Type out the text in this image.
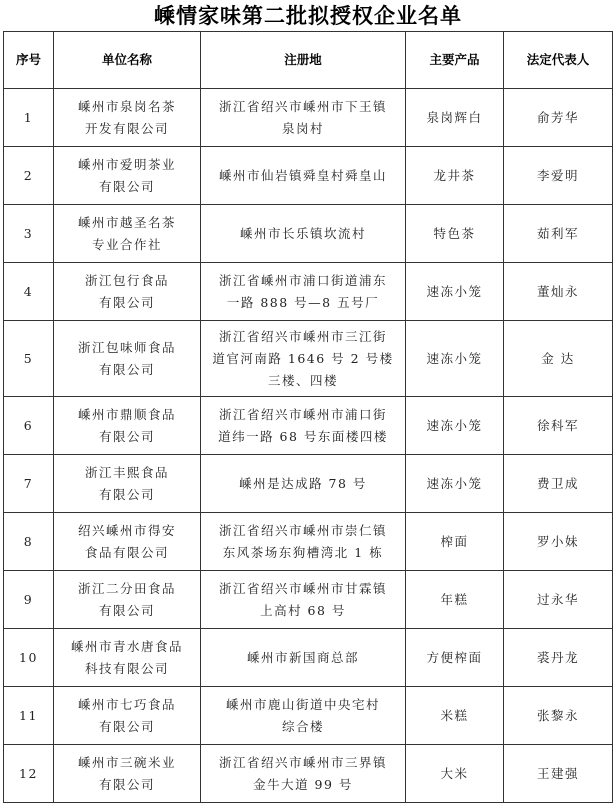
嵊情家味第二批拟授权企业名单
序号	单位名称	注册地	主要产品	法定代表人

1	嵊州市泉岗名茶
开发有限公司	浙江省绍兴市嵊州市下王镇
泉岗村	泉岗辉白	俞芳华

2	嵊州市爱明茶业
有限公司	嵊州市仙岩镇舜皇村舜皇山	龙井茶	李爱明

3	嵊州市越圣名茶
专业合作社	嵊州市长乐镇坎流村	特色茶	茹利军

4	浙江包行食品
有限公司	浙江省嵊州市浦口街道浦东
一路 888 号—8 五号厂	速冻小笼	董灿永

5	浙江包味师食品
有限公司	浙江省绍兴市嵊州市三江街
道官河南路 1646 号 2 号楼
三楼、四楼	速冻小笼	金 达

6	嵊州市鼎顺食品
有限公司	浙江省绍兴市嵊州市浦口街
道纬一路 68 号东面楼四楼	速冻小笼	徐科军

7	浙江丰熙食品
有限公司	嵊州是达成路 78 号	速冻小笼	费卫成

8	绍兴嵊州市得安
食品有限公司	浙江省绍兴市嵊州市崇仁镇
东风茶场东狗槽湾北 1 栋	榨面	罗小妹

9	浙江二分田食品
有限公司	浙江省绍兴市嵊州市甘霖镇
上高村 68 号	年糕	过永华

10	嵊州市青水唐食品
科技有限公司	嵊州市新国商总部	方便榨面	裘丹龙

11	嵊州市七巧食品
有限公司	嵊州市鹿山街道中央宅村
综合楼	米糕	张黎永

12	嵊州市三碗米业
有限公司	浙江省绍兴市嵊州市三界镇
金牛大道 99 号	大米	王建强
